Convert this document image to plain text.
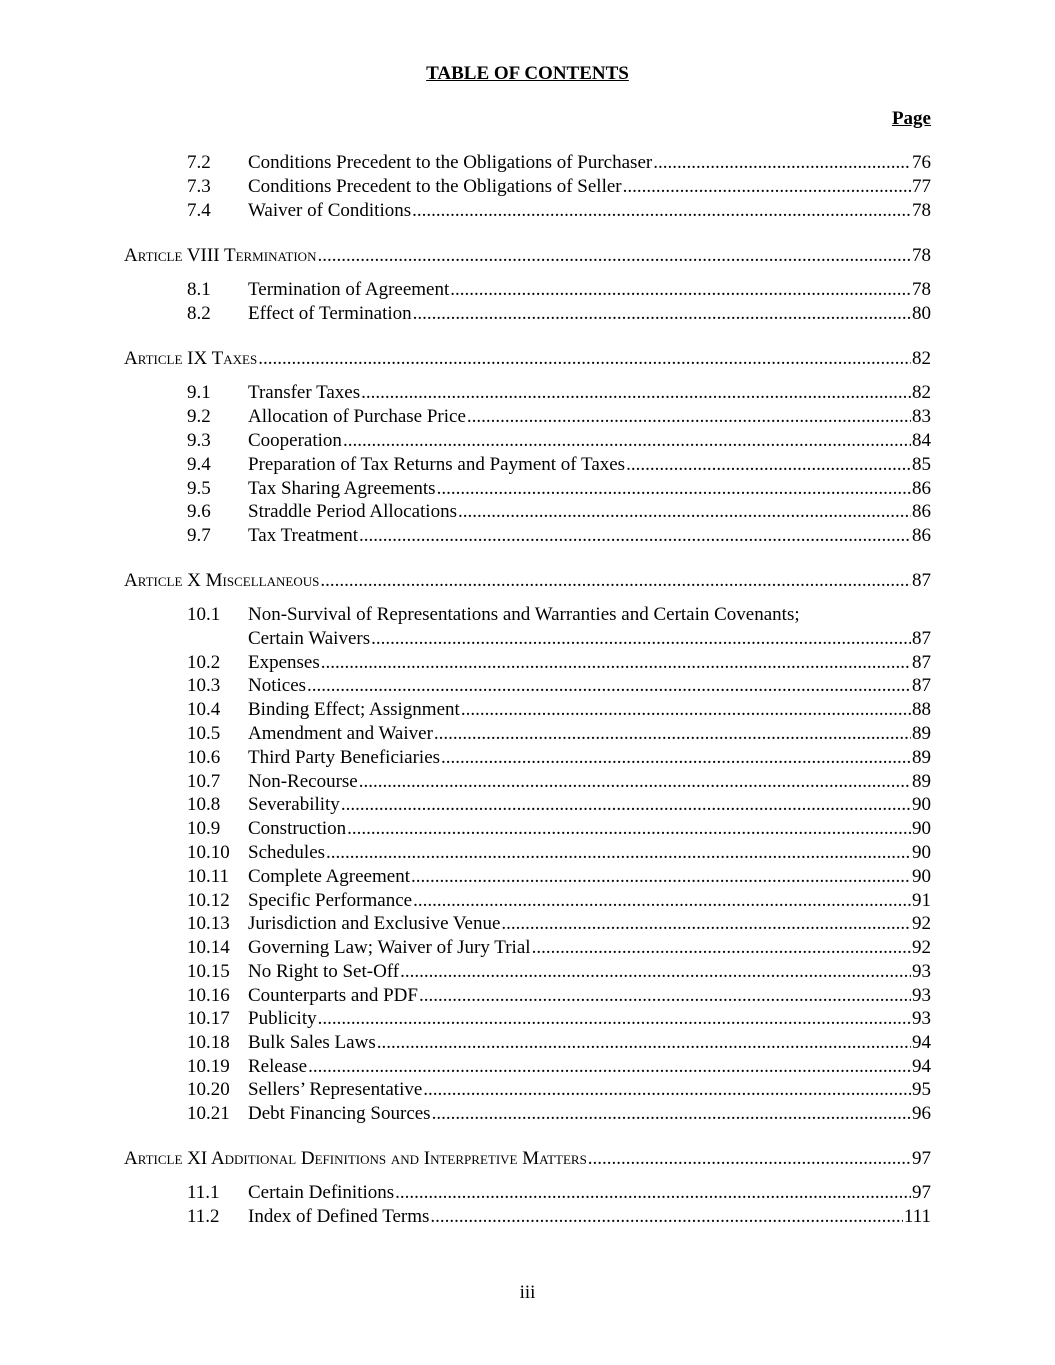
TABLE OF CONTENTS
Page
7.2	Conditions Precedent to the Obligations of Purchaser .....	76
7.3	Conditions Precedent to the Obligations of Seller .....	77
7.4	Waiver of Conditions .....	78
Article VIII Termination .....	78
8.1	Termination of Agreement .....	78
8.2	Effect of Termination .....	80
Article IX Taxes .....	82
9.1	Transfer Taxes .....	82
9.2	Allocation of Purchase Price .....	83
9.3	Cooperation .....	84
9.4	Preparation of Tax Returns and Payment of Taxes .....	85
9.5	Tax Sharing Agreements .....	86
9.6	Straddle Period Allocations .....	86
9.7	Tax Treatment .....	86
Article X Miscellaneous .....	87
10.1	Non-Survival of Representations and Warranties and Certain Covenants;
Certain Waivers .....	87
10.2	Expenses .....	87
10.3	Notices .....	87
10.4	Binding Effect; Assignment .....	88
10.5	Amendment and Waiver .....	89
10.6	Third Party Beneficiaries .....	89
10.7	Non-Recourse .....	89
10.8	Severability .....	90
10.9	Construction .....	90
10.10 Schedules .....	90
10.11 Complete Agreement .....	90
10.12 Specific Performance .....	91
10.13 Jurisdiction and Exclusive Venue .....	92
10.14 Governing Law; Waiver of Jury Trial .....	92
10.15 No Right to Set-Off .....	93
10.16 Counterparts and PDF .....	93
10.17 Publicity .....	93
10.18 Bulk Sales Laws .....	94
10.19 Release .....	94
10.20 Sellers’ Representative .....	95
10.21 Debt Financing Sources .....	96
Article XI Additional Definitions and Interpretive Matters .....	97
11.1	Certain Definitions .....	97
11.2	Index of Defined Terms .....	111
iii
